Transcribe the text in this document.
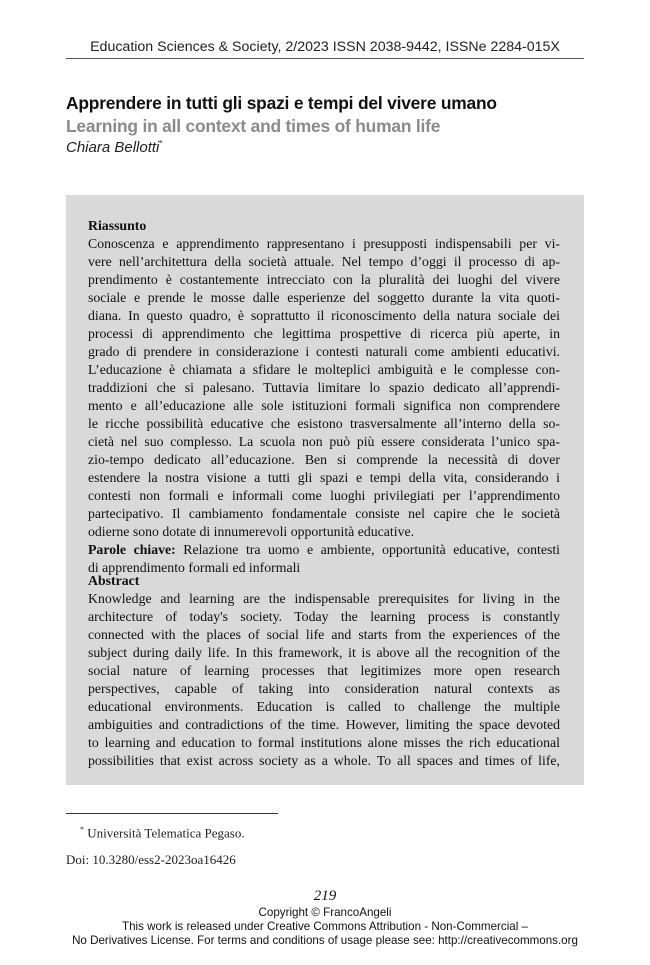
Education Sciences & Society, 2/2023 ISSN 2038-9442, ISSNe 2284-015X
Apprendere in tutti gli spazi e tempi del vivere umano
Learning in all context and times of human life
Chiara Bellotti*
Riassunto
Conoscenza e apprendimento rappresentano i presupposti indispensabili per vi-
vere nell’architettura della società attuale. Nel tempo d’oggi il processo di ap-
prendimento è costantemente intrecciato con la pluralità dei luoghi del vivere
sociale e prende le mosse dalle esperienze del soggetto durante la vita quoti-
diana. In questo quadro, è soprattutto il riconoscimento della natura sociale dei
processi di apprendimento che legittima prospettive di ricerca più aperte, in
grado di prendere in considerazione i contesti naturali come ambienti educativi.
L’educazione è chiamata a sfidare le molteplici ambiguità e le complesse con-
traddizioni che si palesano. Tuttavia limitare lo spazio dedicato all’apprendi-
mento e all’educazione alle sole istituzioni formali significa non comprendere
le ricche possibilità educative che esistono trasversalmente all’interno della so-
cietà nel suo complesso. La scuola non può più essere considerata l’unico spa-
zio-tempo dedicato all’educazione. Ben si comprende la necessità di dover
estendere la nostra visione a tutti gli spazi e tempi della vita, considerando i
contesti non formali e informali come luoghi privilegiati per l’apprendimento
partecipativo. Il cambiamento fondamentale consiste nel capire che le società
odierne sono dotate di innumerevoli opportunità educative.
Parole chiave: Relazione tra uomo e ambiente, opportunità educative, contesti
di apprendimento formali ed informali
Abstract
Knowledge and learning are the indispensable prerequisites for living in the
architecture of today's society. Today the learning process is constantly
connected with the places of social life and starts from the experiences of the
subject during daily life. In this framework, it is above all the recognition of the
social nature of learning processes that legitimizes more open research
perspectives, capable of taking into consideration natural contexts as
educational environments. Education is called to challenge the multiple
ambiguities and contradictions of the time. However, limiting the space devoted
to learning and education to formal institutions alone misses the rich educational
possibilities that exist across society as a whole. To all spaces and times of life,
* Università Telematica Pegaso.
Doi: 10.3280/ess2-2023oa16426
219
Copyright © FrancoAngeli
This work is released under Creative Commons Attribution - Non-Commercial –
No Derivatives License. For terms and conditions of usage please see: http://creativecommons.org
